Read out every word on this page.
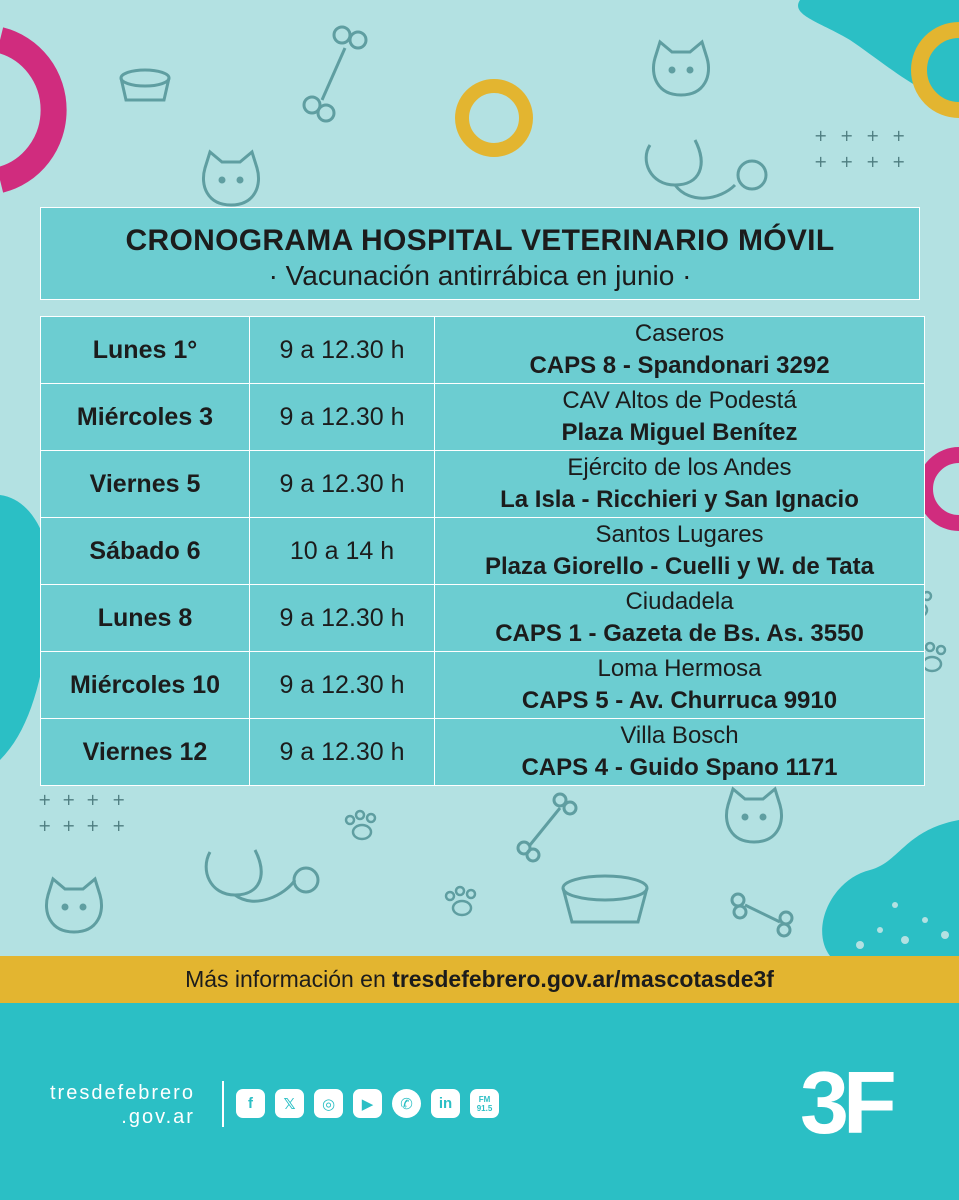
+ + + +
+ + + +
+ + + +
+ + + +
CRONOGRAMA HOSPITAL VETERINARIO MÓVIL
· Vacunación antirrábica en junio ·
Lunes 1°	9 a 12.30 h	Caseros
CAPS 8 - Spandonari 3292

Miércoles 3	9 a 12.30 h	CAV Altos de Podestá
Plaza Miguel Benítez

Viernes 5	9 a 12.30 h	Ejército de los Andes
La Isla - Ricchieri y San Ignacio

Sábado 6	10 a 14 h	Santos Lugares
Plaza Giorello - Cuelli y W. de Tata

Lunes 8	9 a 12.30 h	Ciudadela
CAPS 1 - Gazeta de Bs. As. 3550

Miércoles 10	9 a 12.30 h	Loma Hermosa
CAPS 5 - Av. Churruca 9910

Viernes 12	9 a 12.30 h	Villa Bosch
CAPS 4 - Guido Spano 1171
Más información en tresdefebrero.gov.ar/mascotasde3f
tresdefebrero
.gov.ar
f	𝕏	◎	▶	✆	in	FM
91.5	3F
